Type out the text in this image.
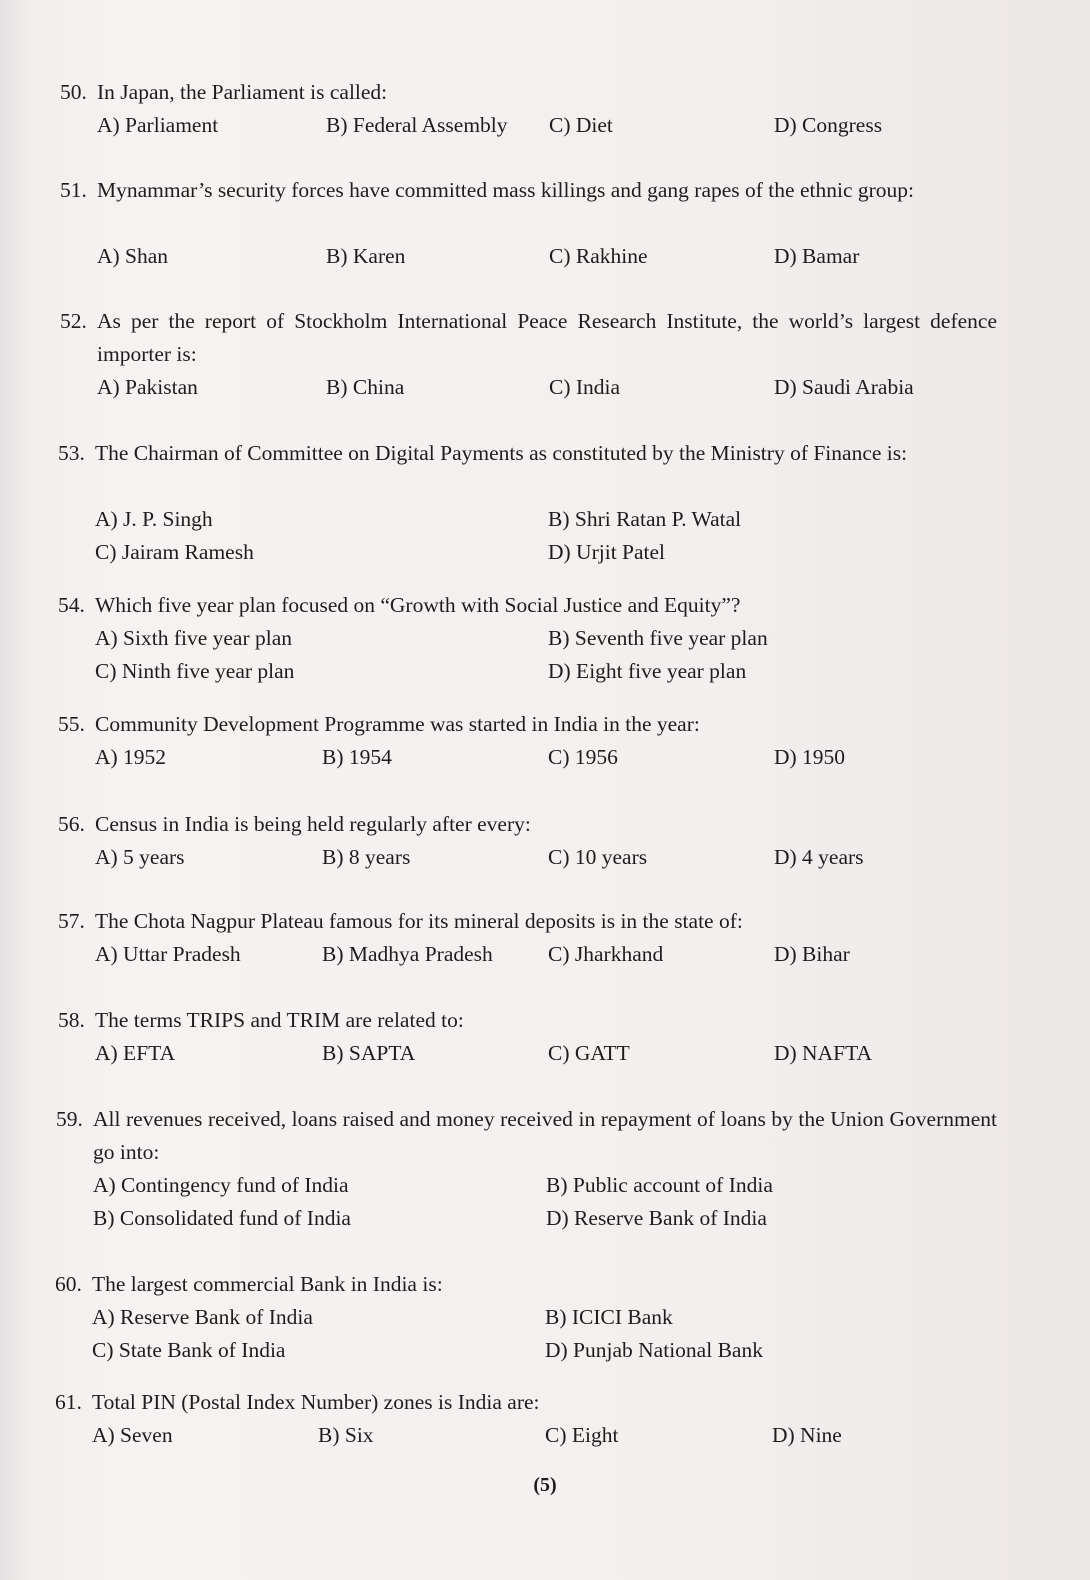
50. In Japan, the Parliament is called:
A) Parliament	B) Federal Assembly C) Diet	D) Congress
51. Mynammar’s security forces have committed mass killings and gang rapes of the ethnic group:
A) Shan	B) Karen	C) Rakhine	D) Bamar
52. As per the report of Stockholm International Peace Research Institute, the world’s largest defence importer is:
A) Pakistan	B) China	C) India	D) Saudi Arabia
53. The Chairman of Committee on Digital Payments as constituted by the Ministry of Finance is:
A) J. P. Singh	B) Shri Ratan P. Watal
C) Jairam Ramesh	D) Urjit Patel
54. Which five year plan focused on “Growth with Social Justice and Equity”?
A) Sixth five year plan	B) Seventh five year plan
C) Ninth five year plan	D) Eight five year plan
55. Community Development Programme was started in India in the year:
A) 1952	B) 1954	C) 1956	D) 1950
56. Census in India is being held regularly after every:
A) 5 years	B) 8 years	C) 10 years	D) 4 years
57. The Chota Nagpur Plateau famous for its mineral deposits is in the state of:
A) Uttar Pradesh	B) Madhya Pradesh	C) Jharkhand	D) Bihar
58. The terms TRIPS and TRIM are related to:
A) EFTA	B) SAPTA	C) GATT	D) NAFTA
59. All revenues received, loans raised and money received in repayment of loans by the Union Government go into:
A) Contingency fund of India	B) Public account of India
B) Consolidated fund of India	D) Reserve Bank of India
60. The largest commercial Bank in India is:
A) Reserve Bank of India	B) ICICI Bank
C) State Bank of India	D) Punjab National Bank
61. Total PIN (Postal Index Number) zones is India are:
A) Seven	B) Six	C) Eight	D) Nine
(5)
